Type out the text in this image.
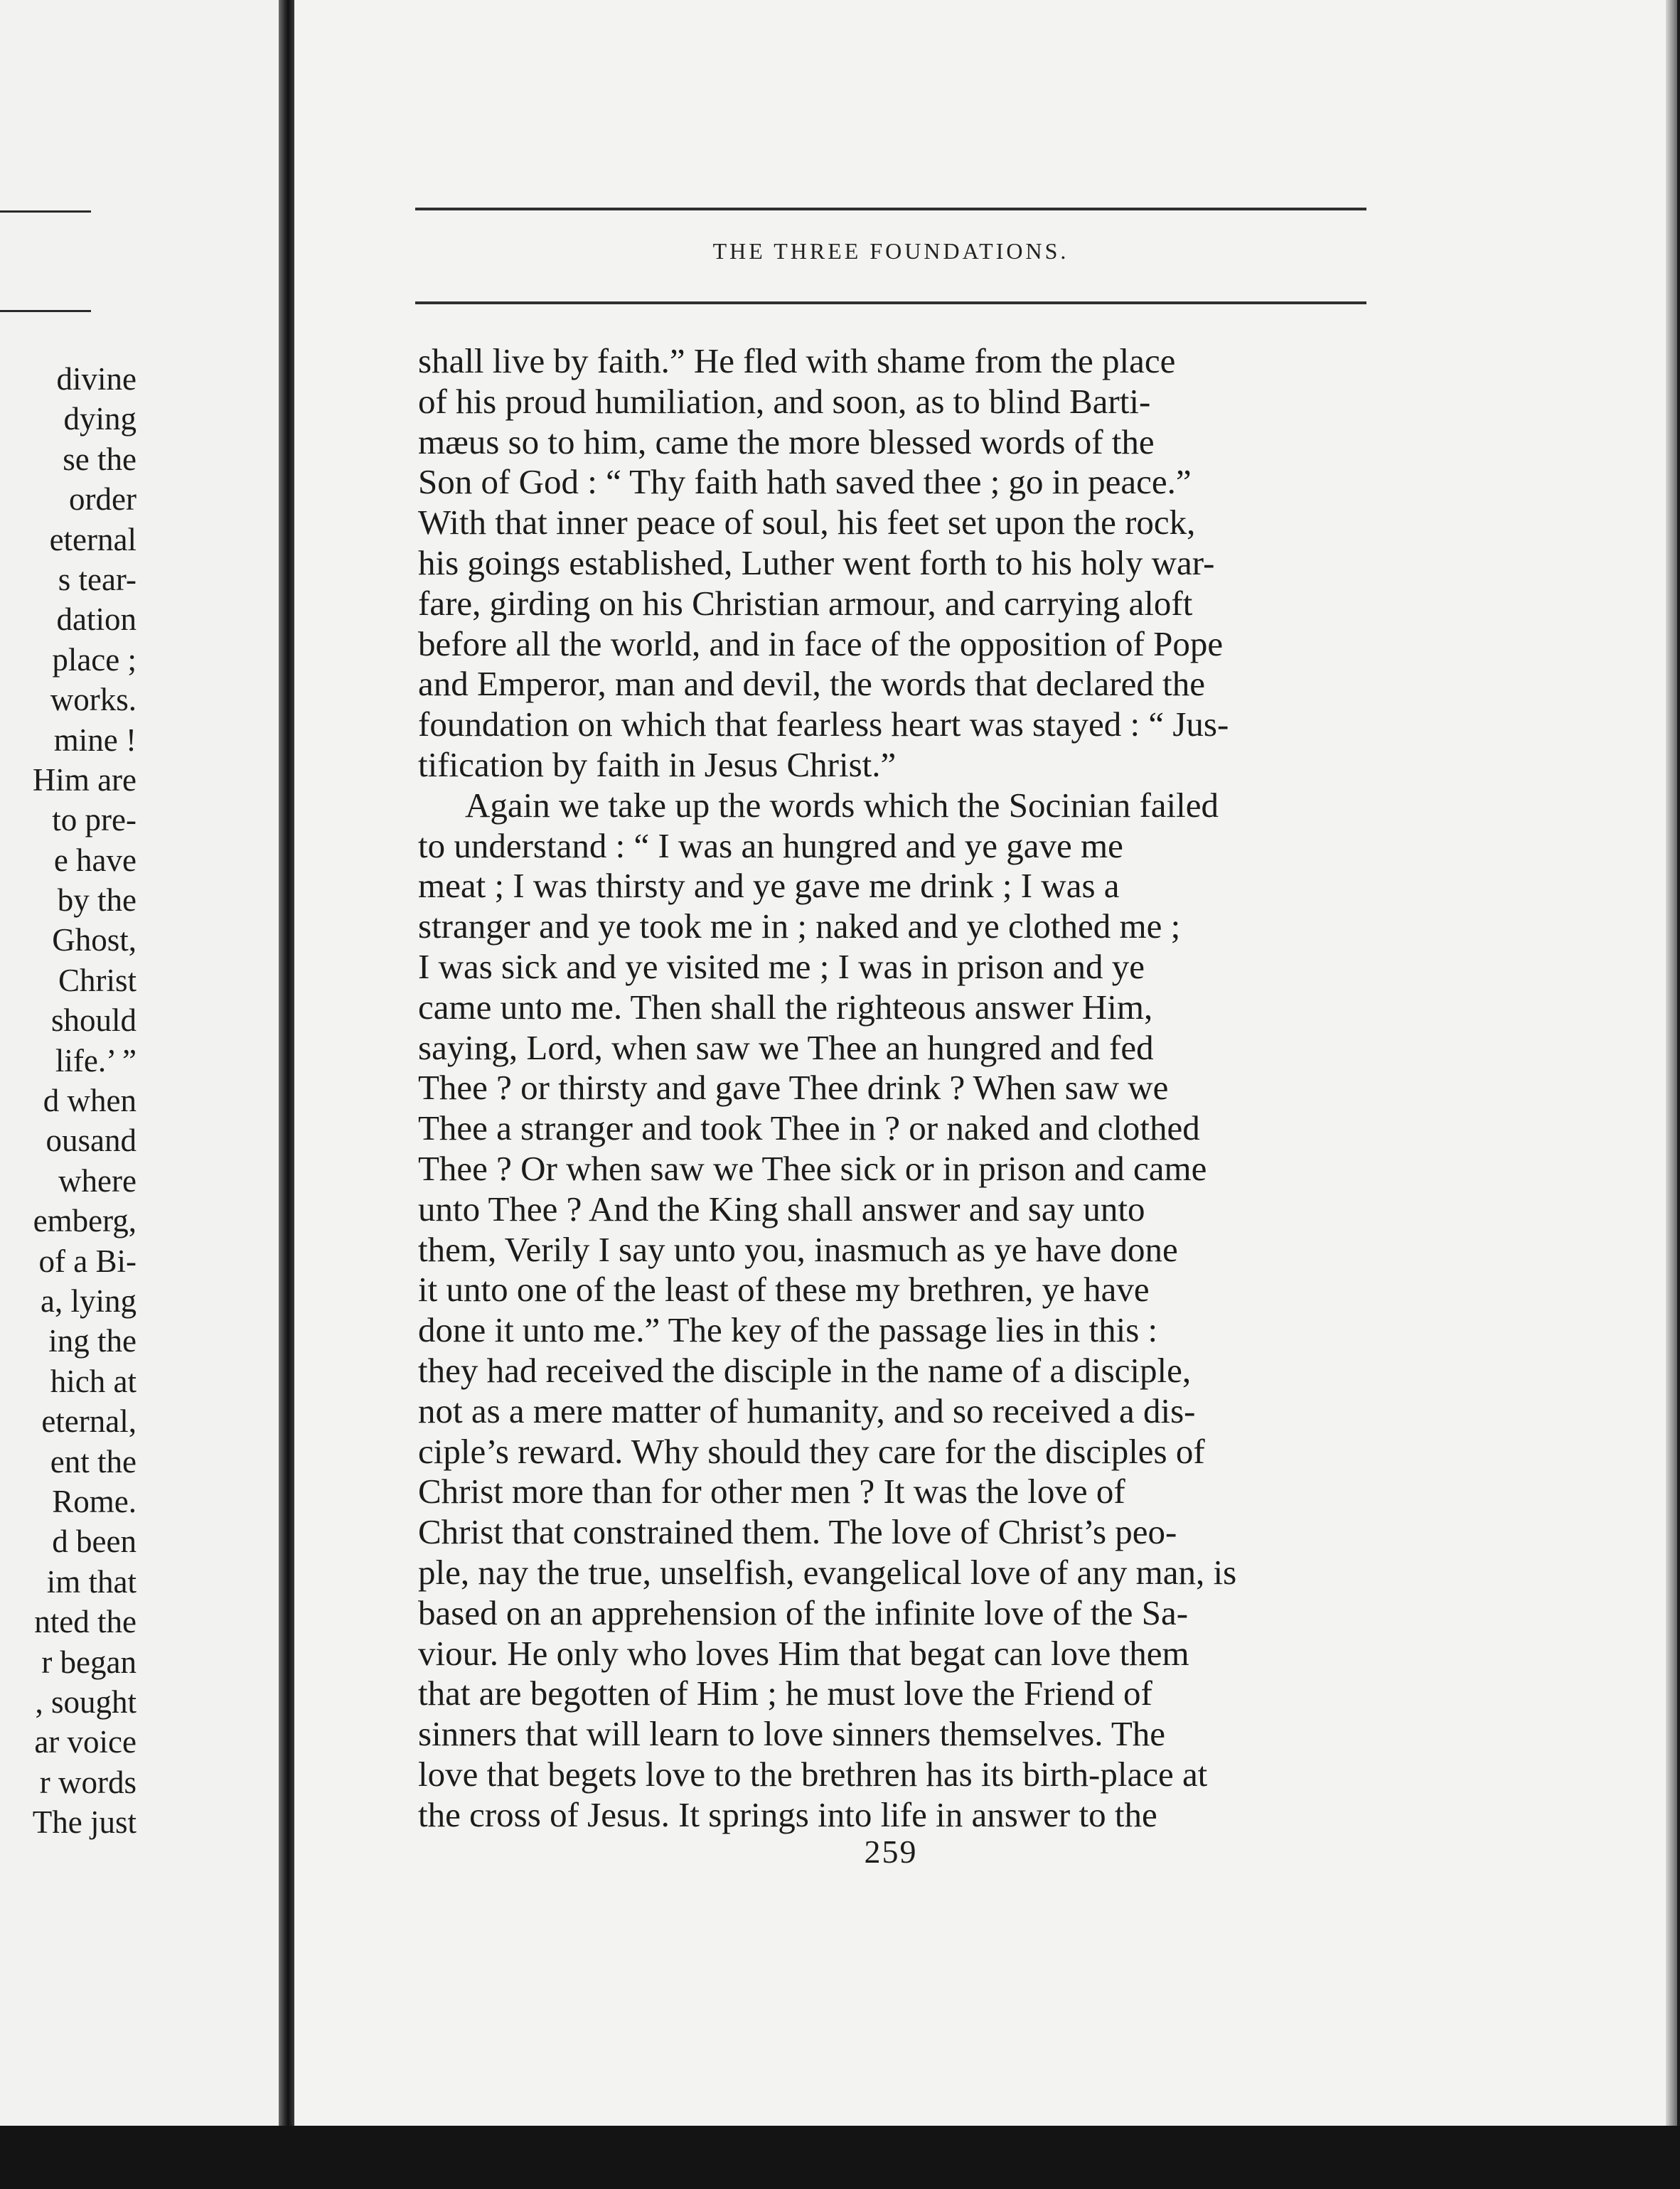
divine
dying
se the
order
eternal
s tear-
dation
place ;
works.
mine !
Him are
to pre-
e have
by the
Ghost,
Christ
should
life.’ ”
d when
ousand
where
emberg,
of a Bi-
a, lying
ing the
hich at
eternal,
ent the
Rome.
d been
im that
nted the
r began
, sought
ar voice
r words
The just
THE THREE FOUNDATIONS.
shall live by faith.” He fled with shame from the place
of his proud humiliation, and soon, as to blind Barti-
mæus so to him, came the more blessed words of the
Son of God : “ Thy faith hath saved thee ; go in peace.”
With that inner peace of soul, his feet set upon the rock,
his goings established, Luther went forth to his holy war-
fare, girding on his Christian armour, and carrying aloft
before all the world, and in face of the opposition of Pope
and Emperor, man and devil, the words that declared the
foundation on which that fearless heart was stayed : “ Jus-
tification by faith in Jesus Christ.”
Again we take up the words which the Socinian failed
to understand : “ I was an hungred and ye gave me
meat ; I was thirsty and ye gave me drink ; I was a
stranger and ye took me in ; naked and ye clothed me ;
I was sick and ye visited me ; I was in prison and ye
came unto me. Then shall the righteous answer Him,
saying, Lord, when saw we Thee an hungred and fed
Thee ? or thirsty and gave Thee drink ? When saw we
Thee a stranger and took Thee in ? or naked and clothed
Thee ? Or when saw we Thee sick or in prison and came
unto Thee ? And the King shall answer and say unto
them, Verily I say unto you, inasmuch as ye have done
it unto one of the least of these my brethren, ye have
done it unto me.” The key of the passage lies in this :
they had received the disciple in the name of a disciple,
not as a mere matter of humanity, and so received a dis-
ciple’s reward. Why should they care for the disciples of
Christ more than for other men ? It was the love of
Christ that constrained them. The love of Christ’s peo-
ple, nay the true, unselfish, evangelical love of any man, is
based on an apprehension of the infinite love of the Sa-
viour. He only who loves Him that begat can love them
that are begotten of Him ; he must love the Friend of
sinners that will learn to love sinners themselves. The
love that begets love to the brethren has its birth-place at
the cross of Jesus. It springs into life in answer to the
259
